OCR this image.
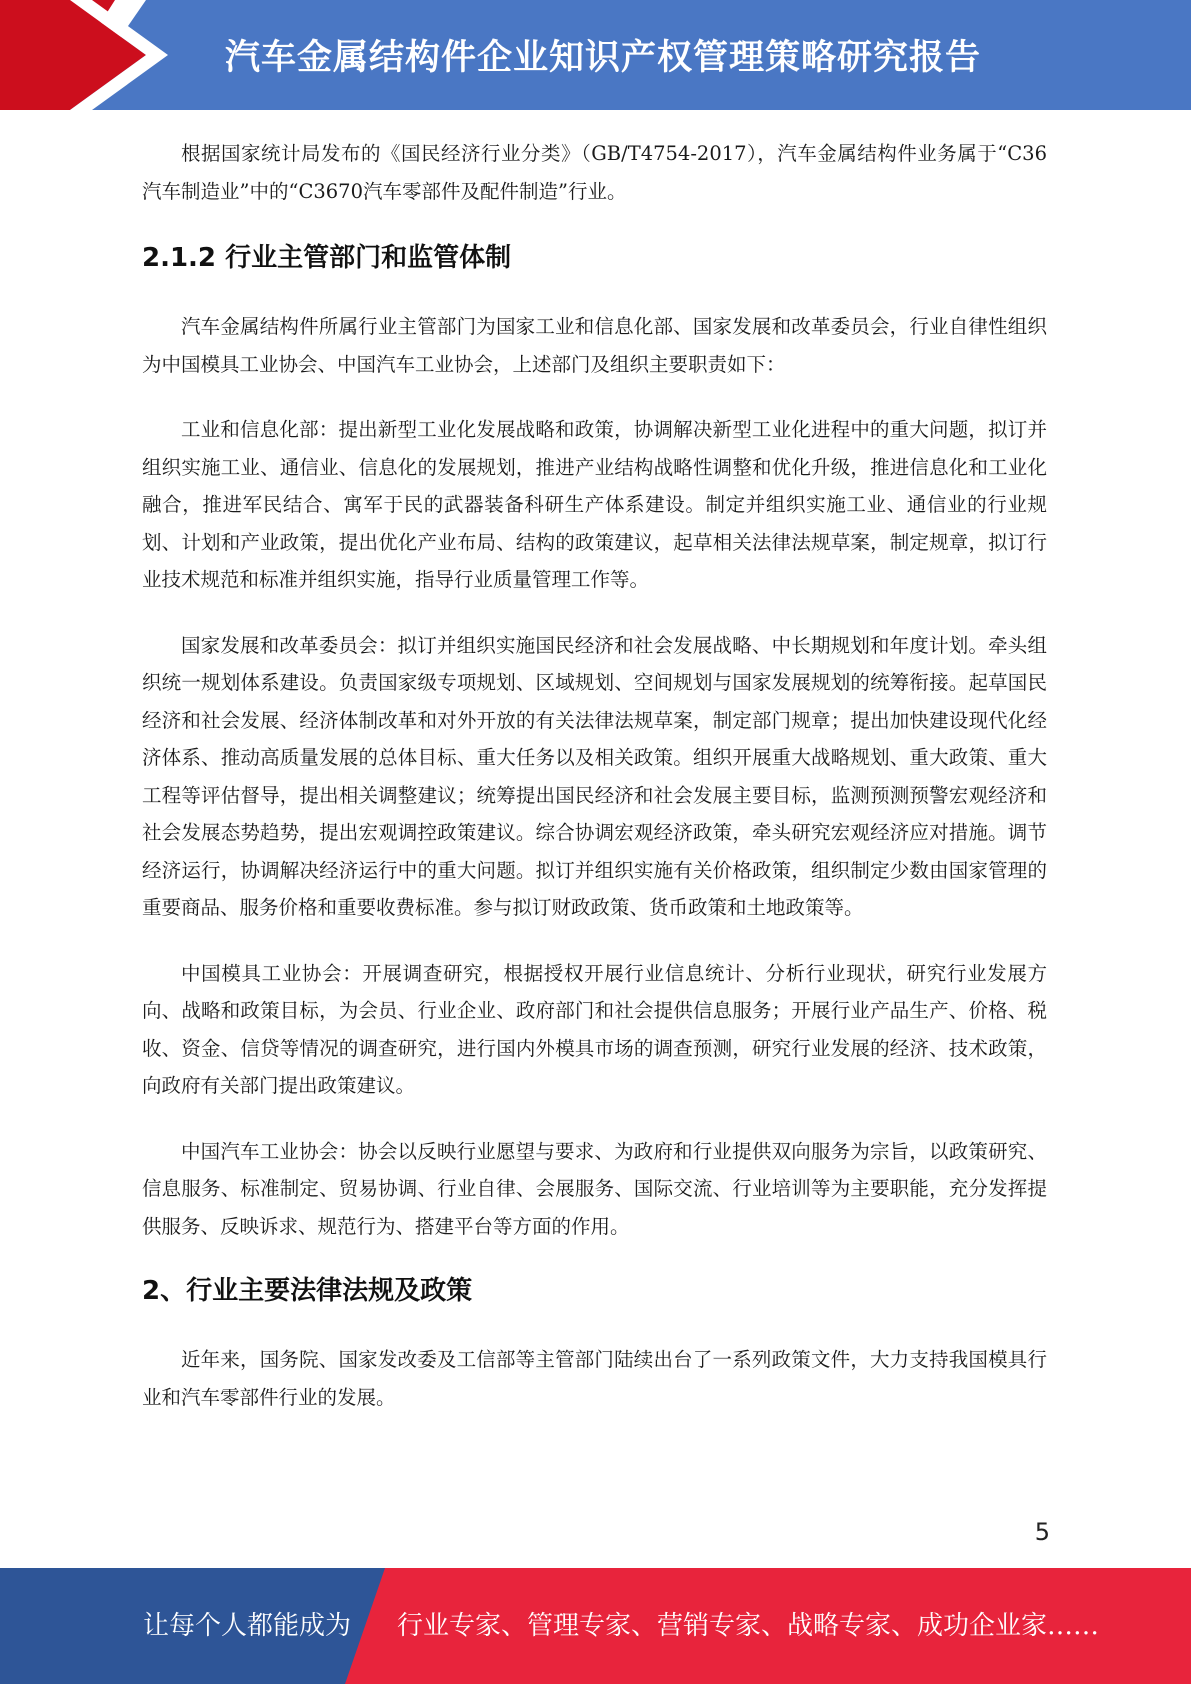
汽车金属结构件企业知识产权管理策略研究报告

根据国家统计局发布的《国民经济行业分类》（GB/T4754-2017），汽车金属结构件业务属于“C36汽车制造业”中的“C3670汽车零部件及配件制造”行业。

2.1.2 行业主管部门和监管体制

汽车金属结构件所属行业主管部门为国家工业和信息化部、国家发展和改革委员会，行业自律性组织为中国模具工业协会、中国汽车工业协会，上述部门及组织主要职责如下：

工业和信息化部：提出新型工业化发展战略和政策，协调解决新型工业化进程中的重大问题，拟订并组织实施工业、通信业、信息化的发展规划，推进产业结构战略性调整和优化升级，推进信息化和工业化融合，推进军民结合、寓军于民的武器装备科研生产体系建设。制定并组织实施工业、通信业的行业规划、计划和产业政策，提出优化产业布局、结构的政策建议，起草相关法律法规草案，制定规章，拟订行业技术规范和标准并组织实施，指导行业质量管理工作等。

国家发展和改革委员会：拟订并组织实施国民经济和社会发展战略、中长期规划和年度计划。牵头组织统一规划体系建设。负责国家级专项规划、区域规划、空间规划与国家发展规划的统筹衔接。起草国民经济和社会发展、经济体制改革和对外开放的有关法律法规草案，制定部门规章；提出加快建设现代化经济体系、推动高质量发展的总体目标、重大任务以及相关政策。组织开展重大战略规划、重大政策、重大工程等评估督导，提出相关调整建议；统筹提出国民经济和社会发展主要目标，监测预测预警宏观经济和社会发展态势趋势，提出宏观调控政策建议。综合协调宏观经济政策，牵头研究宏观经济应对措施。调节经济运行，协调解决经济运行中的重大问题。拟订并组织实施有关价格政策，组织制定少数由国家管理的重要商品、服务价格和重要收费标准。参与拟订财政政策、货币政策和土地政策等。

中国模具工业协会：开展调查研究，根据授权开展行业信息统计、分析行业现状，研究行业发展方向、战略和政策目标，为会员、行业企业、政府部门和社会提供信息服务；开展行业产品生产、价格、税收、资金、信贷等情况的调查研究，进行国内外模具市场的调查预测，研究行业发展的经济、技术政策，向政府有关部门提出政策建议。

中国汽车工业协会：协会以反映行业愿望与要求、为政府和行业提供双向服务为宗旨，以政策研究、信息服务、标准制定、贸易协调、行业自律、会展服务、国际交流、行业培训等为主要职能，充分发挥提供服务、反映诉求、规范行为、搭建平台等方面的作用。

2、行业主要法律法规及政策

近年来，国务院、国家发改委及工信部等主管部门陆续出台了一系列政策文件，大力支持我国模具行业和汽车零部件行业的发展。

5
让每个人都能成为 行业专家、管理专家、营销专家、战略专家、成功企业家……
